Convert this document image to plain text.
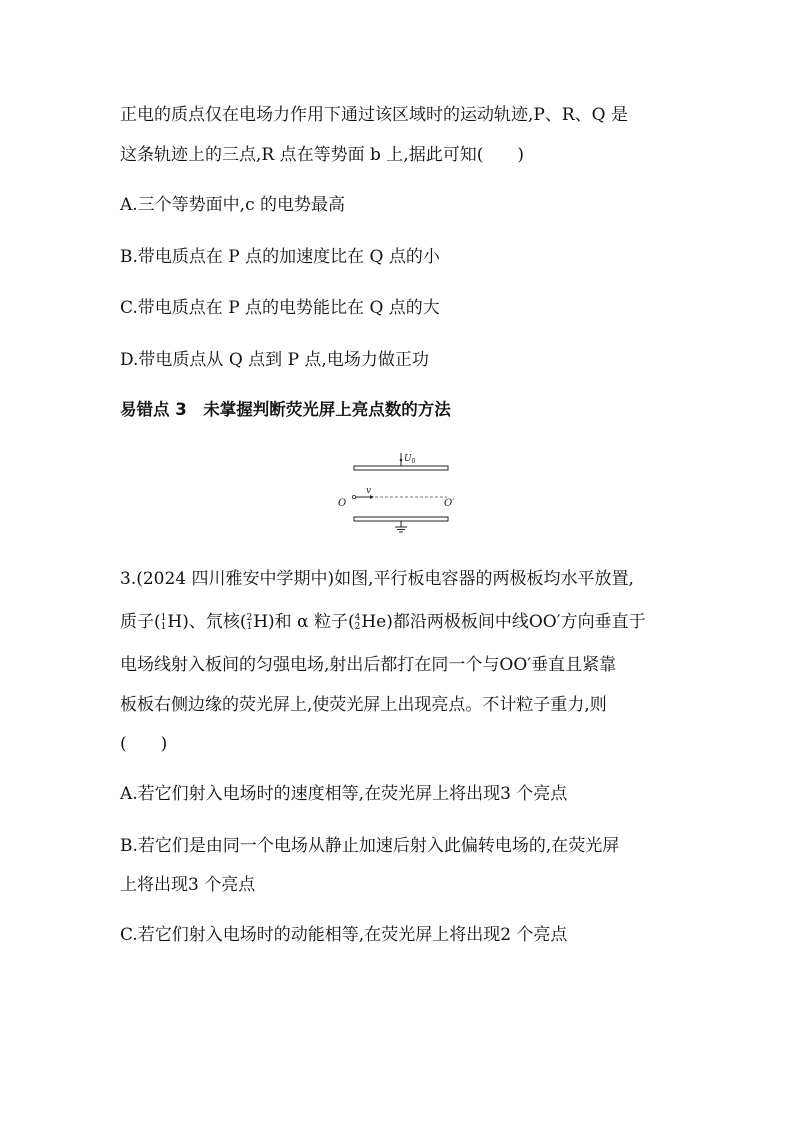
正电的质点仅在电场力作用下通过该区域时的运动轨迹,P、R、Q 是
这条轨迹上的三点,R 点在等势面 b 上,据此可知(　　)
A.三个等势面中,c 的电势最高
B.带电质点在 P 点的加速度比在 Q 点的小
C.带电质点在 P 点的电势能比在 Q 点的大
D.带电质点从 Q 点到 P 点,电场力做正功
易错点 3　未掌握判断荧光屏上亮点数的方法
$U_0$
v
O	O′
3.(2024 四川雅安中学期中)如图,平行板电容器的两极板均水平放置,
质子( 1
1 H)、氘核( 2
1 H)和 α 粒子( 4
2 He)都沿两极板间中线OO′方向垂直于
电场线射入板间的匀强电场,射出后都打在同一个与OO′垂直且紧靠
板板右侧边缘的荧光屏上,使荧光屏上出现亮点。不计粒子重力,则
(　　)
A.若它们射入电场时的速度相等,在荧光屏上将出现3 个亮点
B.若它们是由同一个电场从静止加速后射入此偏转电场的,在荧光屏
上将出现3 个亮点
C.若它们射入电场时的动能相等,在荧光屏上将出现2 个亮点
